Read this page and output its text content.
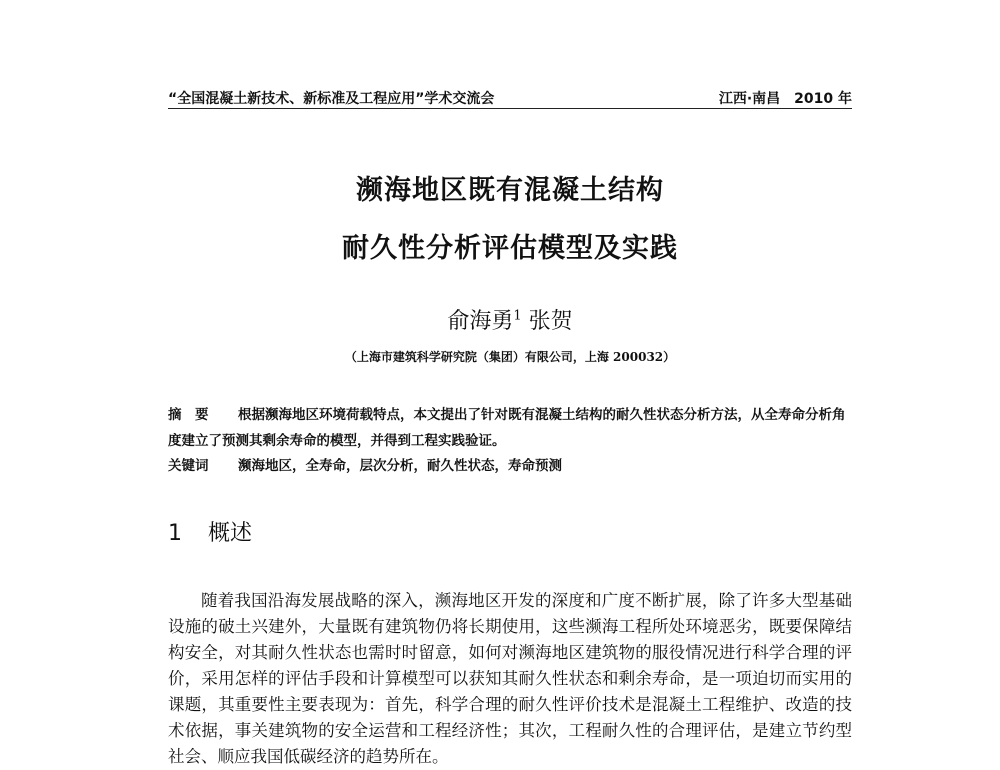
“全国混凝土新技术、新标准及工程应用”学术交流会	江西·南昌　2010 年
濒海地区既有混凝土结构
耐久性分析评估模型及实践
俞海勇$^1$ 张贺
（上海市建筑科学研究院（集团）有限公司，上海 200032）
摘　要 根据濒海地区环境荷载特点，本文提出了针对既有混凝土结构的耐久性状态分析方法，从全寿命分析角度建立了预测其剩余寿命的模型，并得到工程实践验证。
关键词 濒海地区，全寿命，层次分析，耐久性状态，寿命预测
1 概述

随着我国沿海发展战略的深入，濒海地区开发的深度和广度不断扩展，除了许多大型基础设施的破土兴建外，大量既有建筑物仍将长期使用，这些濒海工程所处环境恶劣，既要保障结构安全，对其耐久性状态也需时时留意，如何对濒海地区建筑物的服役情况进行科学合理的评价，采用怎样的评估手段和计算模型可以获知其耐久性状态和剩余寿命，是一项迫切而实用的课题，其重要性主要表现为：首先，科学合理的耐久性评价技术是混凝土工程维护、改造的技术依据，事关建筑物的安全运营和工程经济性；其次，工程耐久性的合理评估，是建立节约型社会、顺应我国低碳经济的趋势所在。
